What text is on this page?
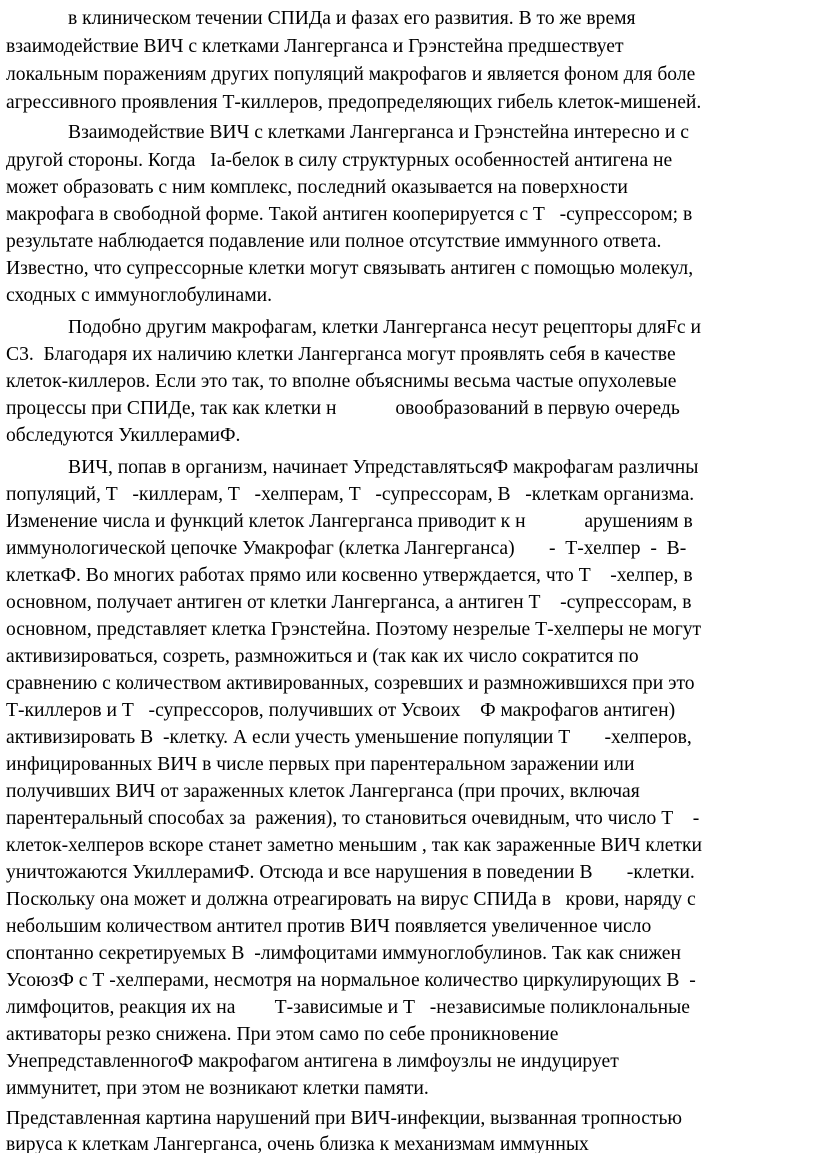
в клиническом течении СПИДа и фазах его развития. В то же время
взаимодействие ВИЧ с клетками Лангерганса и Грэнстейна предшествует
локальным поражениям других популяций макрофагов и является фоном для боле
агрессивного проявления Т-киллеров, предопределяющих гибель клеток-мишеней.
Взаимодействие ВИЧ с клетками Лангерганса и Грэнстейна интересно и с
другой стороны. Когда   Ia-белок в силу структурных особенностей антигена не
может образовать с ним комплекс, последний оказывается на поверхности
макрофага в свободной форме. Такой антиген кооперируется с Т   -супрессором; в
результате наблюдается подавление или полное отсутствие иммунного ответа.
Известно, что супрессорные клетки могут связывать антиген с помощью молекул,
сходных с иммуноглобулинами.
Подобно другим макрофагам, клетки Лангерганса несут рецепторы дляFc и
C3.  Благодаря их наличию клетки Лангерганса могут проявлять себя в качестве
клеток-киллеров. Если это так, то вполне объяснимы весьма частые опухолевые
процессы при СПИДе, так как клетки н            овообразований в первую очередь
обследуются УкиллерамиФ.
ВИЧ, попав в организм, начинает УпредставлятьсяФ макрофагам различны
популяций, Т   -киллерам, Т   -хелперам, Т   -супрессорам, В   -клеткам организма.
Изменение числа и функций клеток Лангерганса приводит к н            арушениям в
иммунологической цепочке Умакрофаг (клетка Лангерганса)       -  Т-хелпер  -  В-
клеткаФ. Во многих работах прямо или косвенно утверждается, что Т    -хелпер, в
основном, получает антиген от клетки Лангерганса, а антиген Т    -супрессорам, в
основном, представляет клетка Грэнстейна. Поэтому незрелые Т-хелперы не могут
активизироваться, созреть, размножиться и (так как их число сократится по
сравнению с количеством активированных, созревших и размножившихся при это
Т-киллеров и Т   -супрессоров, получивших от Усвоих    Ф макрофагов антиген)
активизировать В  -клетку. А если учесть уменьшение популяции Т       -хелперов,
инфицированных ВИЧ в числе первых при парентеральном заражении или
получивших ВИЧ от зараженных клеток Лангерганса (при прочих, включая
парентеральный способах за  ражения), то становиться очевидным, что число Т    -
клеток-хелперов вскоре станет заметно меньшим , так как зараженные ВИЧ клетки
уничтожаются УкиллерамиФ. Отсюда и все нарушения в поведении В       -клетки.
Поскольку она может и должна отреагировать на вирус СПИДа в   крови, наряду с
небольшим количеством антител против ВИЧ появляется увеличенное число
спонтанно секретируемых В  -лимфоцитами иммуноглобулинов. Так как снижен
УсоюзФ с Т -хелперами, несмотря на нормальное количество циркулирующих В  -
лимфоцитов, реакция их на        Т-зависимые и Т   -независимые поликлональные
активаторы резко снижена. При этом само по себе проникновение
УнепредставленногоФ макрофагом антигена в лимфоузлы не индуцирует
иммунитет, при этом не возникают клетки памяти.
Представленная картина нарушений при ВИЧ-инфекции, вызванная тропностью
вируса к клеткам Лангерганса, очень близка к механизмам иммунных
